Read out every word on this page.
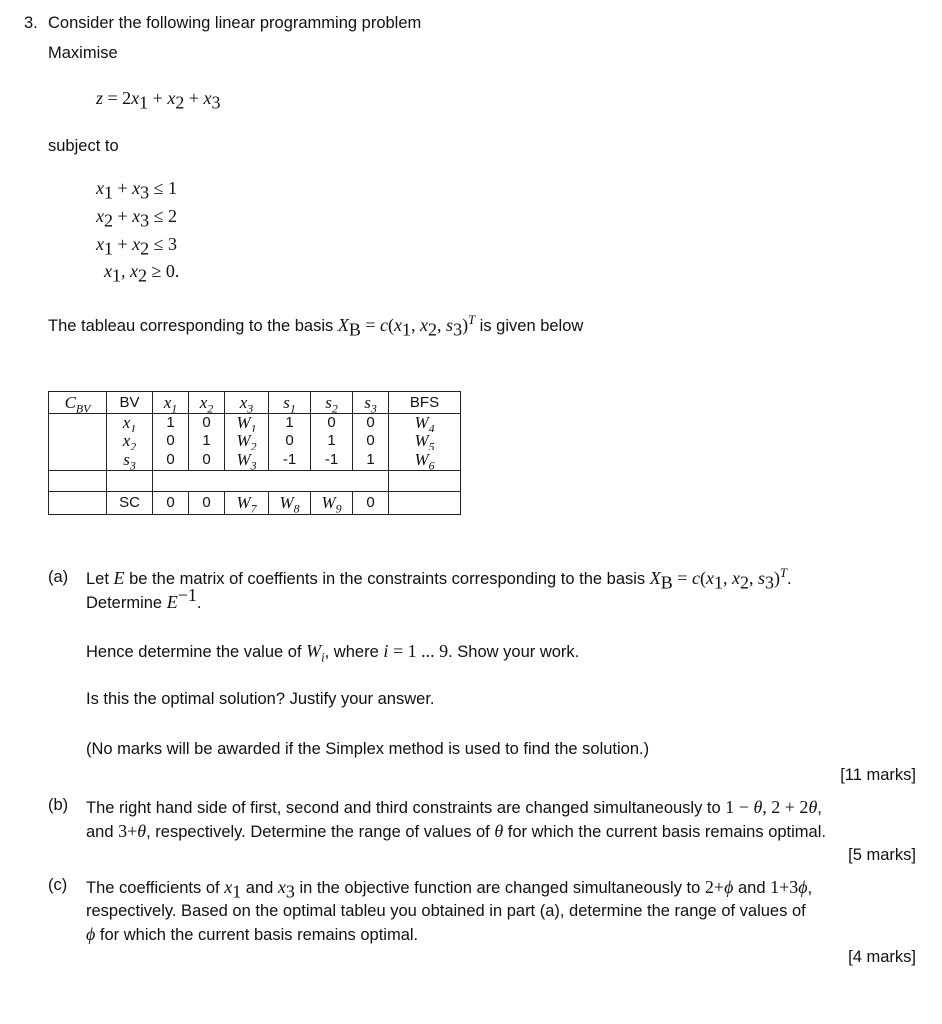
3. Consider the following linear programming problem
Maximise
$z = 2x_1 + x_2 + x_3$
subject to
$x_1 + x_3 \le 1$
$x_2 + x_3 \le 2$
$x_1 + x_2 \le 3$
$x_1$, $x_2 \ge 0$.
The tableau corresponding to the basis $X_B = c(x_1$, $x_2$, $s_3)^T$ is given below
$C_{BV}$	BV	$x_1$	$x_2$	$x_3$	$s_1$	$s_2$	$s_3$	BFS
	$x_1$	1	0	$W_1$	1	0	0	$W_4$
	$x_2$	0	1	$W_2$	0	1	0	$W_5$
	$s_3$	0	0	$W_3$	-1	-1	1	$W_6$

	SC	0	0	$W_7$	$W_8$	$W_9$	0	
(a) Let E be the matrix of coeffients in the constraints corresponding to the basis $X_B = c(x_1$, $x_2$, $s_3)^T$.
Determine $E^{-1}$.
Hence determine the value of $W_i$, where i = 1 ... 9. Show your work.
Is this the optimal solution? Justify your answer.
(No marks will be awarded if the Simplex method is used to find the solution.)
[11 marks]
(b) The right hand side of first, second and third constraints are changed simultaneously to 1 − θ, 2 + 2θ,
and 3+θ, respectively. Determine the range of values of θ for which the current basis remains optimal.
[5 marks]
(c) The coefficients of $x_1$ and $x_3$ in the objective function are changed simultaneously to 2+ϕ and 1+3ϕ,
respectively. Based on the optimal tableu you obtained in part (a), determine the range of values of
ϕ for which the current basis remains optimal.
[4 marks]
